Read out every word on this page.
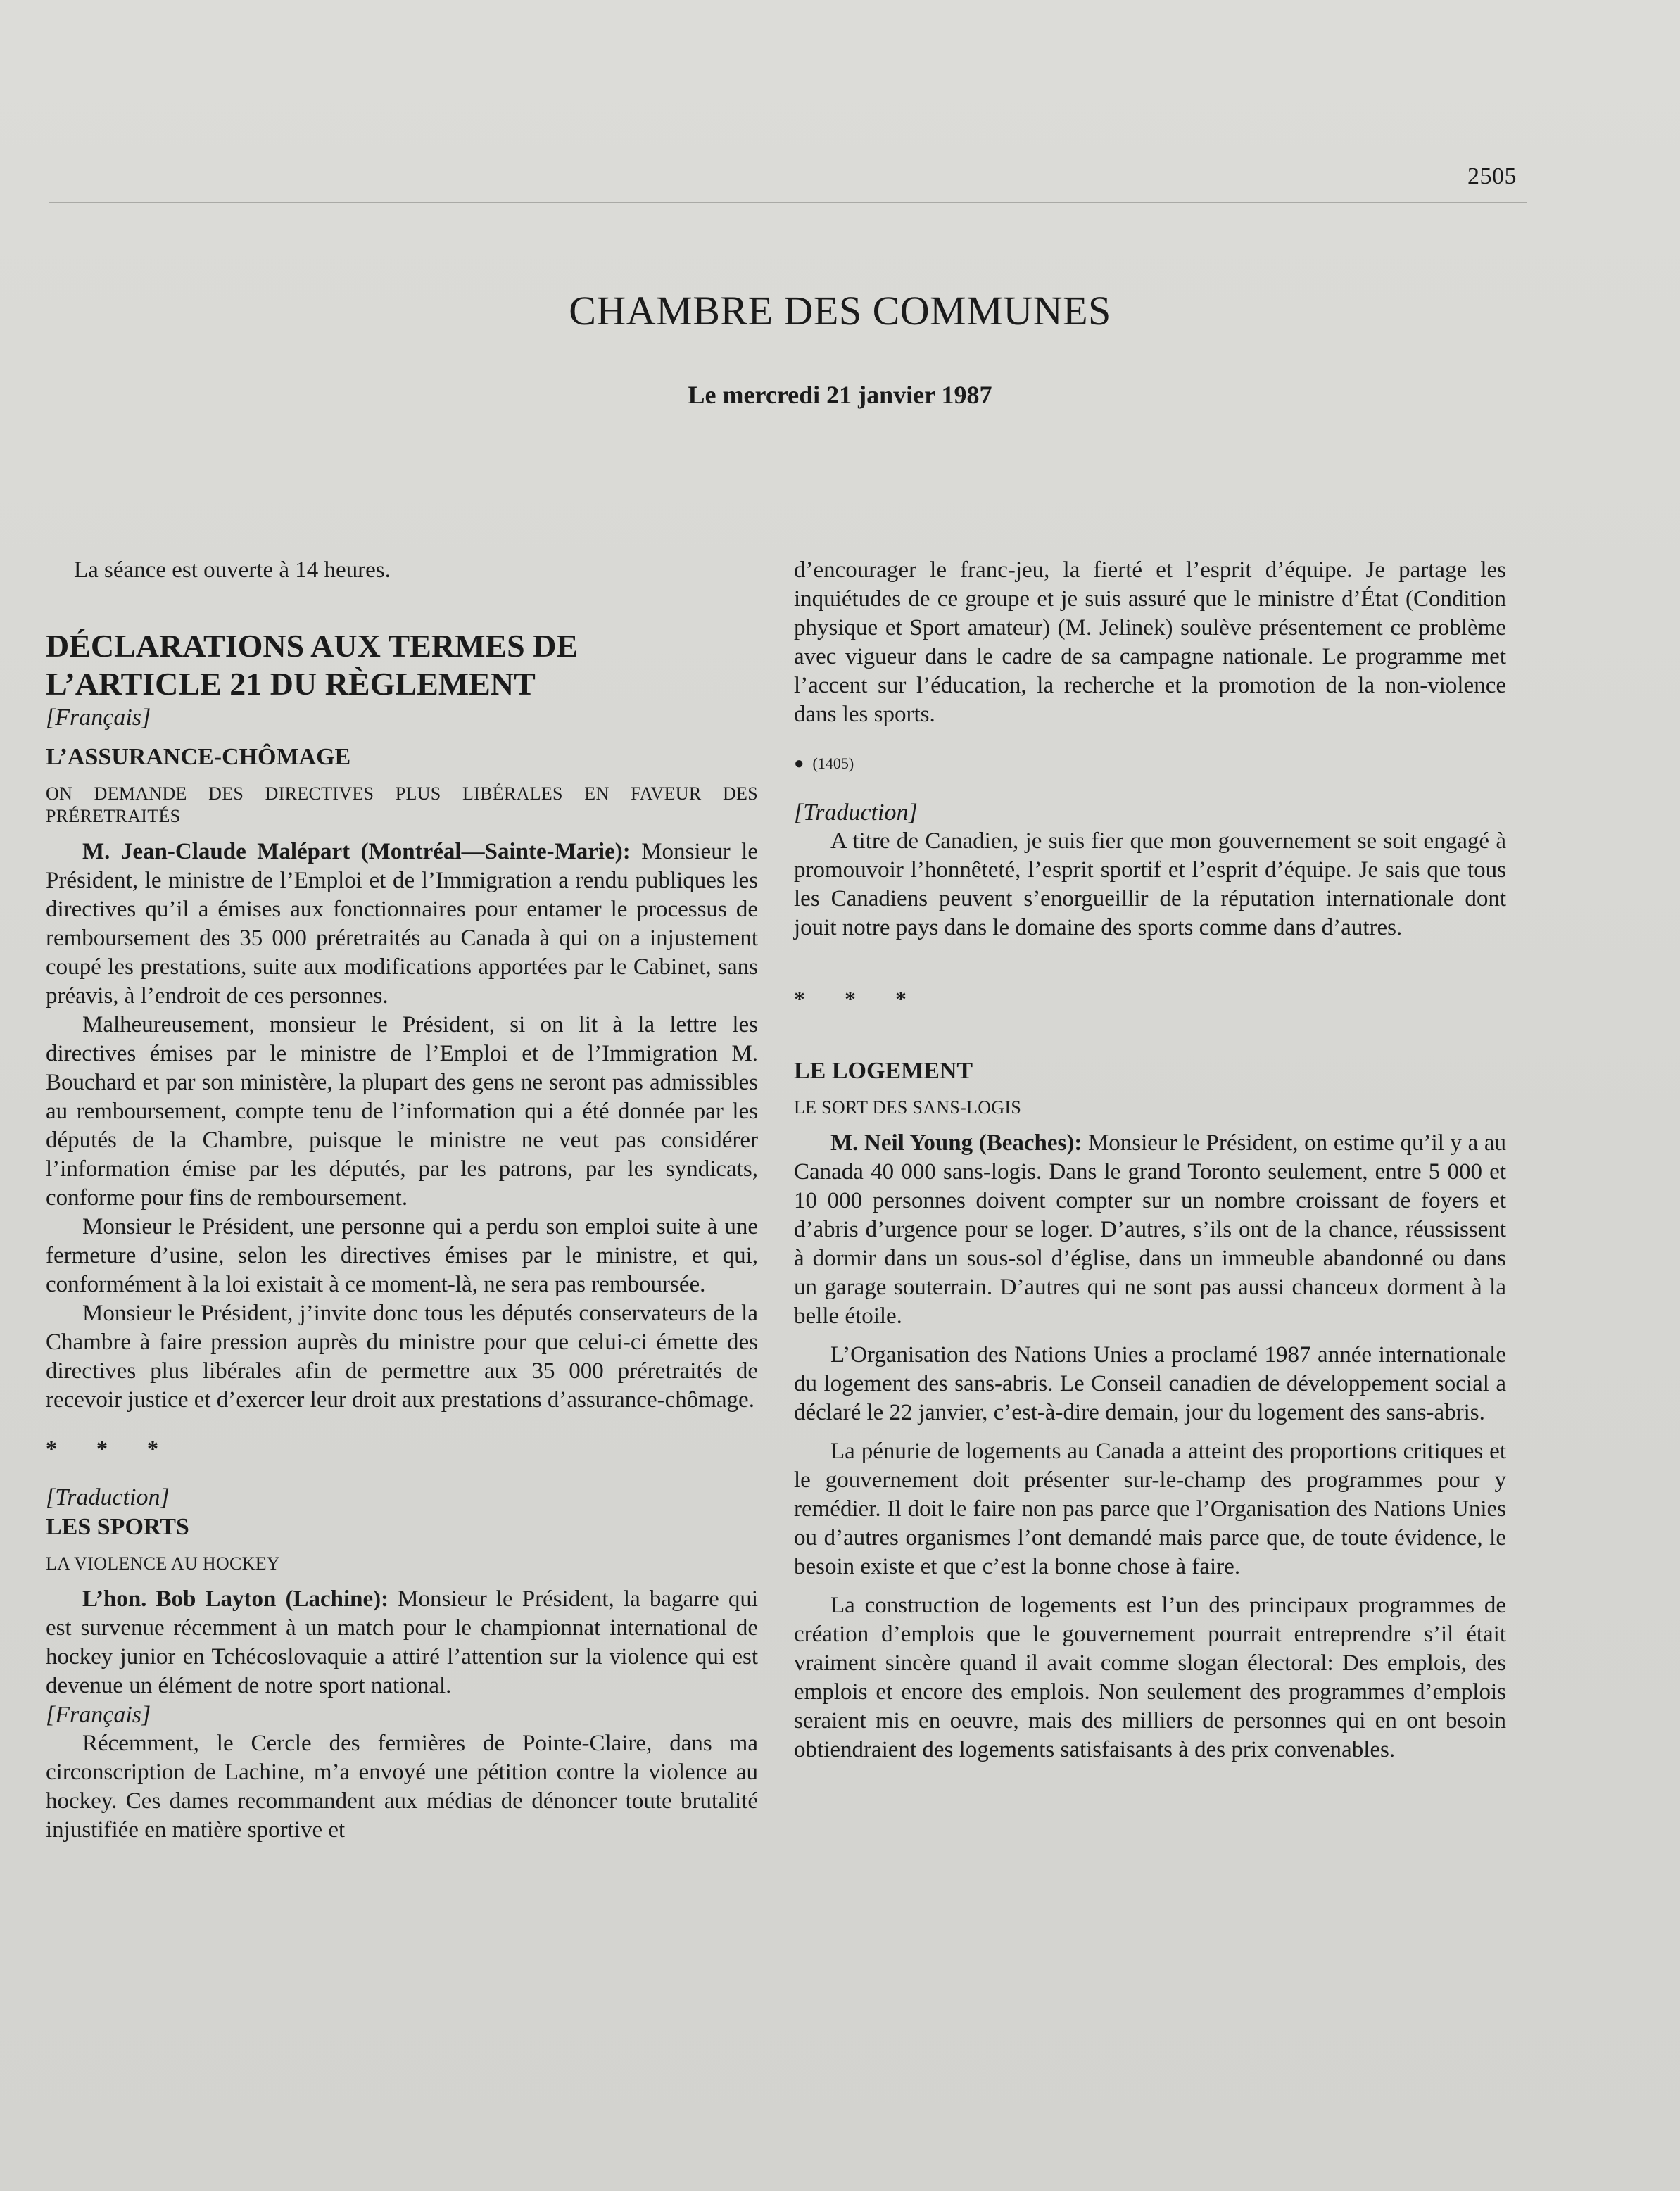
2505
CHAMBRE DES COMMUNES
Le mercredi 21 janvier 1987

La séance est ouverte à 14 heures.

DÉCLARATIONS AUX TERMES DE

L’ARTICLE 21 DU RÈGLEMENT

[Français]

L’ASSURANCE-CHÔMAGE

ON DEMANDE DES DIRECTIVES PLUS LIBÉRALES EN FAVEUR DES PRÉRETRAITÉS

M. Jean-Claude Malépart (Montréal—Sainte-Marie): Monsieur le Président, le ministre de l’Emploi et de l’Immigration a rendu publiques les directives qu’il a émises aux fonctionnaires pour entamer le processus de remboursement des 35 000 préretraités au Canada à qui on a injustement coupé les prestations, suite aux modifications apportées par le Cabinet, sans préavis, à l’endroit de ces personnes.

Malheureusement, monsieur le Président, si on lit à la lettre les directives émises par le ministre de l’Emploi et de l’Immigration M. Bouchard et par son ministère, la plupart des gens ne seront pas admissibles au remboursement, compte tenu de l’information qui a été donnée par les députés de la Chambre, puisque le ministre ne veut pas considérer l’information émise par les députés, par les patrons, par les syndicats, conforme pour fins de remboursement.

Monsieur le Président, une personne qui a perdu son emploi suite à une fermeture d’usine, selon les directives émises par le ministre, et qui, conformément à la loi existait à ce moment-là, ne sera pas remboursée.

Monsieur le Président, j’invite donc tous les députés conservateurs de la Chambre à faire pression auprès du ministre pour que celui-ci émette des directives plus libérales afin de permettre aux 35 000 préretraités de recevoir justice et d’exercer leur droit aux prestations d’assurance-chômage.

* * *

[Traduction]

LES SPORTS

LA VIOLENCE AU HOCKEY

L’hon. Bob Layton (Lachine): Monsieur le Président, la bagarre qui est survenue récemment à un match pour le championnat international de hockey junior en Tchécoslovaquie a attiré l’attention sur la violence qui est devenue un élément de notre sport national.

[Français]

Récemment, le Cercle des fermières de Pointe-Claire, dans ma circonscription de Lachine, m’a envoyé une pétition contre la violence au hockey. Ces dames recommandent aux médias de dénoncer toute brutalité injustifiée en matière sportive et

d’encourager le franc-jeu, la fierté et l’esprit d’équipe. Je partage les inquiétudes de ce groupe et je suis assuré que le ministre d’État (Condition physique et Sport amateur) (M. Jelinek) soulève présentement ce problème avec vigueur dans le cadre de sa campagne nationale. Le programme met l’accent sur l’éducation, la recherche et la promotion de la non-violence dans les sports.

● (1405)

[Traduction]

A titre de Canadien, je suis fier que mon gouvernement se soit engagé à promouvoir l’honnêteté, l’esprit sportif et l’esprit d’équipe. Je sais que tous les Canadiens peuvent s’enorgueillir de la réputation internationale dont jouit notre pays dans le domaine des sports comme dans d’autres.

* * *

LE LOGEMENT

LE SORT DES SANS-LOGIS

M. Neil Young (Beaches): Monsieur le Président, on estime qu’il y a au Canada 40 000 sans-logis. Dans le grand Toronto seulement, entre 5 000 et 10 000 personnes doivent compter sur un nombre croissant de foyers et d’abris d’urgence pour se loger. D’autres, s’ils ont de la chance, réussissent à dormir dans un sous-sol d’église, dans un immeuble abandonné ou dans un garage souterrain. D’autres qui ne sont pas aussi chanceux dorment à la belle étoile.

L’Organisation des Nations Unies a proclamé 1987 année internationale du logement des sans-abris. Le Conseil canadien de développement social a déclaré le 22 janvier, c’est-à-dire demain, jour du logement des sans-abris.

La pénurie de logements au Canada a atteint des proportions critiques et le gouvernement doit présenter sur-le-champ des programmes pour y remédier. Il doit le faire non pas parce que l’Organisation des Nations Unies ou d’autres organismes l’ont demandé mais parce que, de toute évidence, le besoin existe et que c’est la bonne chose à faire.

La construction de logements est l’un des principaux programmes de création d’emplois que le gouvernement pourrait entreprendre s’il était vraiment sincère quand il avait comme slogan électoral: Des emplois, des emplois et encore des emplois. Non seulement des programmes d’emplois seraient mis en oeuvre, mais des milliers de personnes qui en ont besoin obtiendraient des logements satisfaisants à des prix convenables.
